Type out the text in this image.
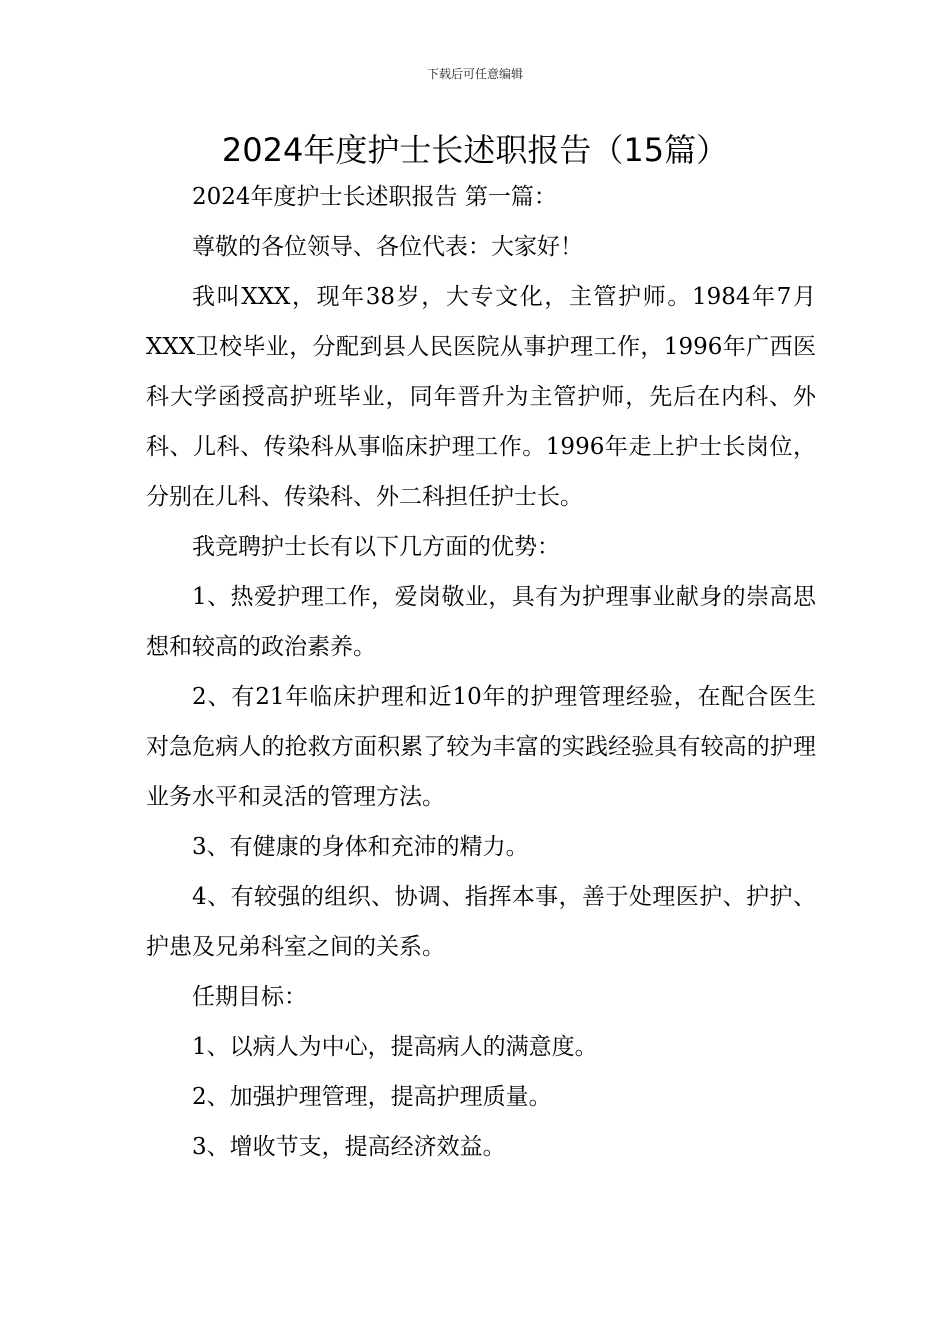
下载后可任意编辑
2024年度护士长述职报告（15篇）

2024年度护士长述职报告 第一篇：

尊敬的各位领导、各位代表：大家好！

我叫XXX，现年38岁，大专文化，主管护师。1984年7月XXX卫校毕业，分配到县人民医院从事护理工作，1996年广西医科大学函授高护班毕业，同年晋升为主管护师，先后在内科、外科、儿科、传染科从事临床护理工作。1996年走上护士长岗位，分别在儿科、传染科、外二科担任护士长。

我竞聘护士长有以下几方面的优势：

1、热爱护理工作，爱岗敬业，具有为护理事业献身的崇高思想和较高的政治素养。

2、有21年临床护理和近10年的护理管理经验，在配合医生对急危病人的抢救方面积累了较为丰富的实践经验具有较高的护理业务水平和灵活的管理方法。

3、有健康的身体和充沛的精力。

4、有较强的组织、协调、指挥本事，善于处理医护、护护、护患及兄弟科室之间的关系。

任期目标：

1、以病人为中心，提高病人的满意度。

2、加强护理管理，提高护理质量。

3、增收节支，提高经济效益。
